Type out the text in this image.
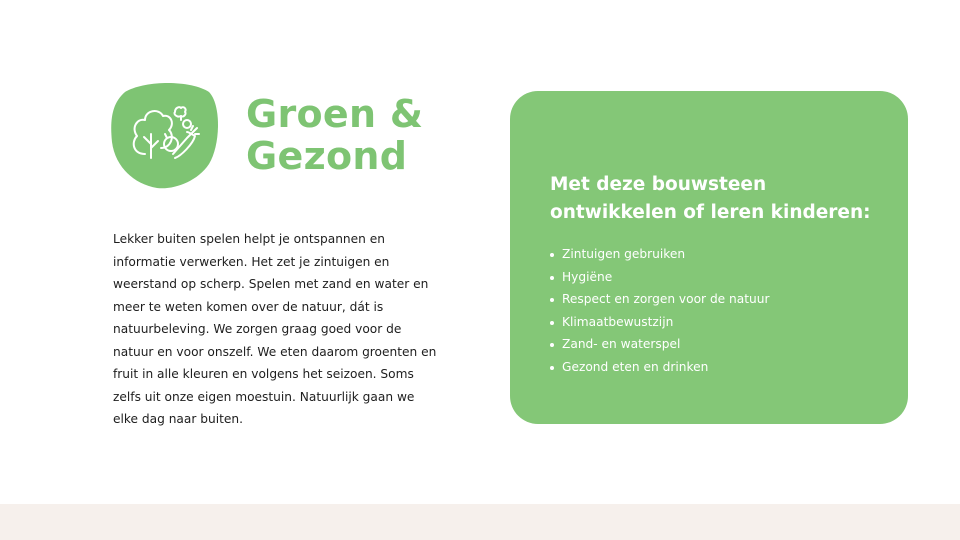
Groen &
Gezond

Lekker buiten spelen helpt je ontspannen en informatie verwerken. Het zet je zintuigen en weerstand op scherp. Spelen met zand en water en meer te weten komen over de natuur, dát is natuurbeleving. We zorgen graag goed voor de natuur en voor onszelf. We eten daarom groenten en fruit in alle kleuren en volgens het seizoen. Soms zelfs uit onze eigen moestuin. Natuurlijk gaan we elke dag naar buiten.

Met deze bouwsteen
ontwikkelen of leren kinderen:
Zintuigen gebruiken
Hygiëne
Respect en zorgen voor de natuur
Klimaatbewustzijn
Zand- en waterspel
Gezond eten en drinken
